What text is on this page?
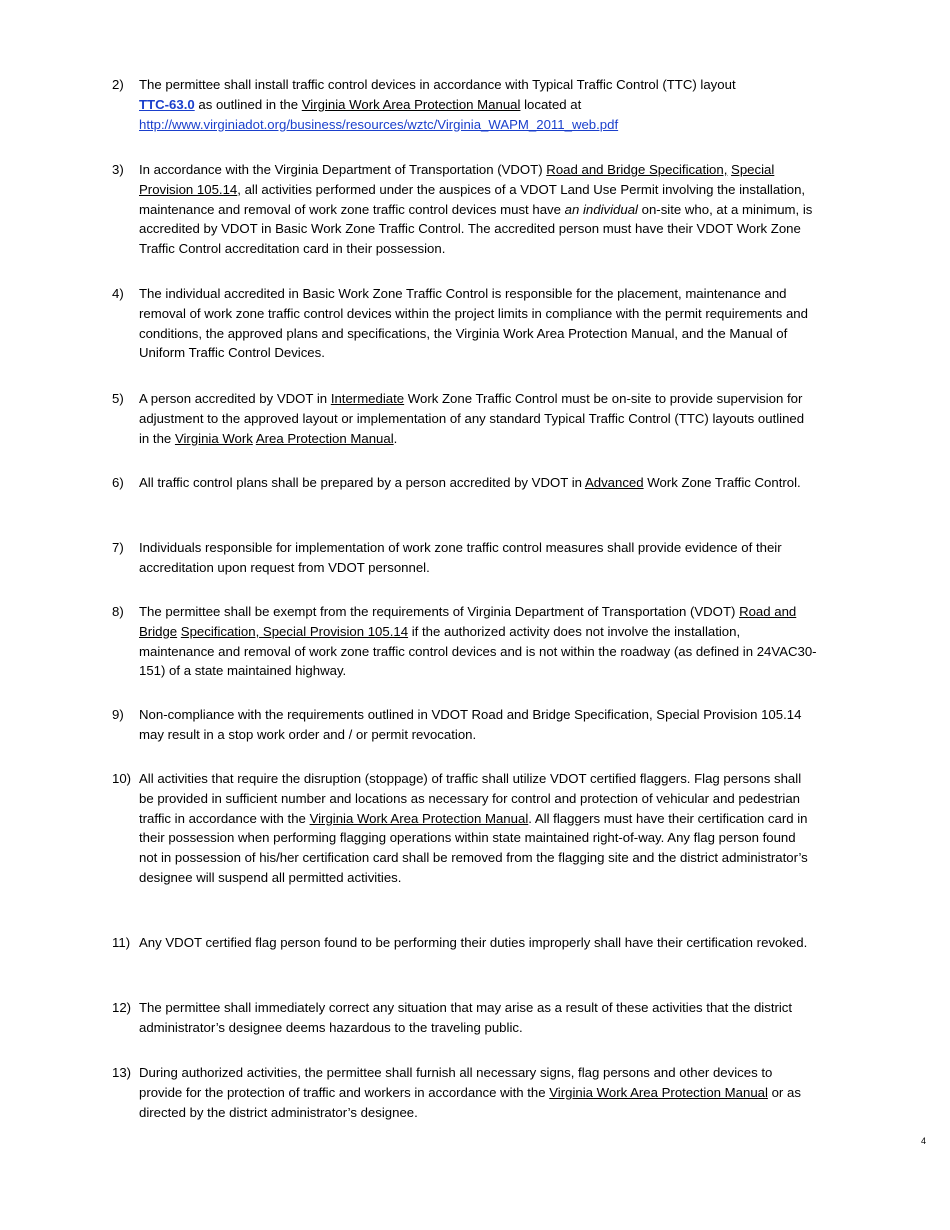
2) The permittee shall install traffic control devices in accordance with Typical Traffic Control (TTC) layout
TTC-63.0 as outlined in the Virginia Work Area Protection Manual located at
http://www.virginiadot.org/business/resources/wztc/Virginia_WAPM_2011_web.pdf
3) In accordance with the Virginia Department of Transportation (VDOT) Road and Bridge Specification, Special Provision 105.14, all activities performed under the auspices of a VDOT Land Use Permit involving the installation, maintenance and removal of work zone traffic control devices must have an individual on-site who, at a minimum, is accredited by VDOT in Basic Work Zone Traffic Control. The accredited person must have their VDOT Work Zone Traffic Control accreditation card in their possession.
4) The individual accredited in Basic Work Zone Traffic Control is responsible for the placement, maintenance and removal of work zone traffic control devices within the project limits in compliance with the permit requirements and conditions, the approved plans and specifications, the Virginia Work Area Protection Manual, and the Manual of Uniform Traffic Control Devices.
5) A person accredited by VDOT in Intermediate Work Zone Traffic Control must be on-site to provide supervision for adjustment to the approved layout or implementation of any standard Typical Traffic Control (TTC) layouts outlined in the Virginia Work Area Protection Manual.
6) All traffic control plans shall be prepared by a person accredited by VDOT in Advanced Work Zone Traffic Control.
7) Individuals responsible for implementation of work zone traffic control measures shall provide evidence of their accreditation upon request from VDOT personnel.
8) The permittee shall be exempt from the requirements of Virginia Department of Transportation (VDOT) Road and Bridge Specification, Special Provision 105.14 if the authorized activity does not involve the installation, maintenance and removal of work zone traffic control devices and is not within the roadway (as defined in 24VAC30-151) of a state maintained highway.
9) Non-compliance with the requirements outlined in VDOT Road and Bridge Specification, Special Provision 105.14 may result in a stop work order and / or permit revocation.
10) All activities that require the disruption (stoppage) of traffic shall utilize VDOT certified flaggers. Flag persons shall be provided in sufficient number and locations as necessary for control and protection of vehicular and pedestrian traffic in accordance with the Virginia Work Area Protection Manual. All flaggers must have their certification card in their possession when performing flagging operations within state maintained right-of-way. Any flag person found not in possession of his/her certification card shall be removed from the flagging site and the district administrator’s designee will suspend all permitted activities.
11) Any VDOT certified flag person found to be performing their duties improperly shall have their certification revoked.
12) The permittee shall immediately correct any situation that may arise as a result of these activities that the district administrator’s designee deems hazardous to the traveling public.
13) During authorized activities, the permittee shall furnish all necessary signs, flag persons and other devices to provide for the protection of traffic and workers in accordance with the Virginia Work Area Protection Manual or as directed by the district administrator’s designee.
4
